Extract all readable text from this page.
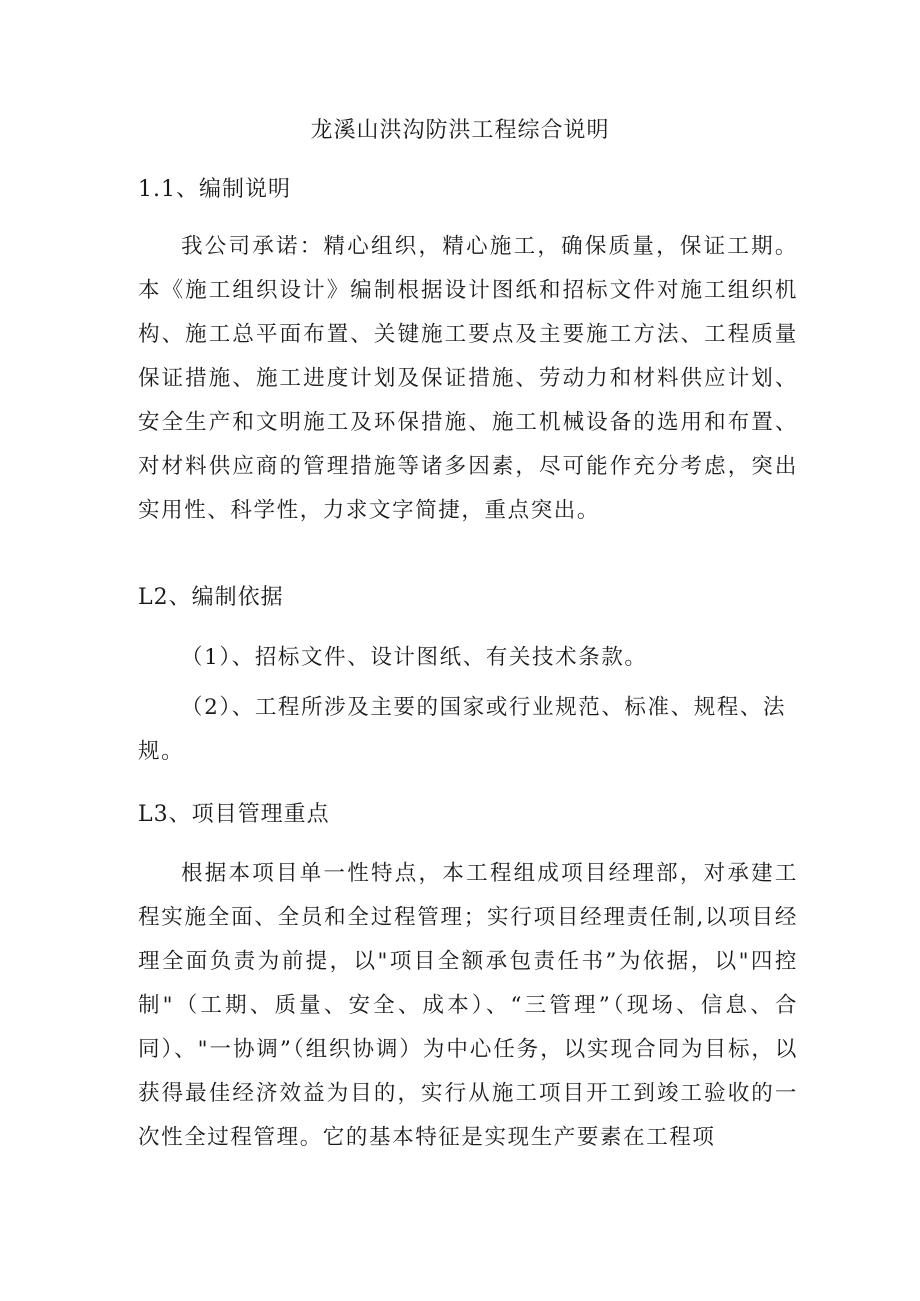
龙溪山洪沟防洪工程综合说明
1.1、编制说明

我公司承诺：精心组织，精心施工，确保质量，保证工期。本《施工组织设计》编制根据设计图纸和招标文件对施工组织机构、施工总平面布置、关键施工要点及主要施工方法、工程质量保证措施、施工进度计划及保证措施、劳动力和材料供应计划、安全生产和文明施工及环保措施、施工机械设备的选用和布置、对材料供应商的管理措施等诸多因素，尽可能作充分考虑，突出实用性、科学性，力求文字简捷，重点突出。

L2、编制依据

（1）、招标文件、设计图纸、有关技术条款。

（2）、工程所涉及主要的国家或行业规范、标准、规程、法规。

L3、项目管理重点

根据本项目单一性特点，本工程组成项目经理部，对承建工程实施全面、全员和全过程管理；实行项目经理责任制,以项目经理全面负责为前提，以"项目全额承包责任书”为依据，以"四控制"（工期、质量、安全、成本）、“三管理”（现场、信息、合同）、"一协调”（组织协调）为中心任务，以实现合同为目标，以获得最佳经济效益为目的，实行从施工项目开工到竣工验收的一次性全过程管理。它的基本特征是实现生产要素在工程项
